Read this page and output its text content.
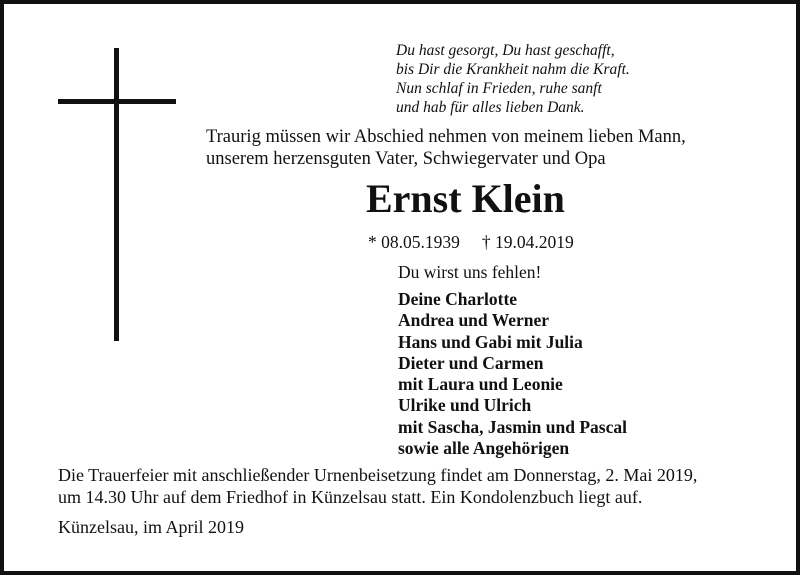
Du hast gesorgt, Du hast geschafft,
bis Dir die Krankheit nahm die Kraft.
Nun schlaf in Frieden, ruhe sanft
und hab für alles lieben Dank.
Traurig müssen wir Abschied nehmen von meinem lieben Mann,
unserem herzensguten Vater, Schwiegervater und Opa
Ernst Klein
* 08.05.1939 † 19.04.2019
Du wirst uns fehlen!
Deine Charlotte
Andrea und Werner
Hans und Gabi mit Julia
Dieter und Carmen
mit Laura und Leonie
Ulrike und Ulrich
mit Sascha, Jasmin und Pascal
sowie alle Angehörigen
Die Trauerfeier mit anschließender Urnenbeisetzung findet am Donnerstag, 2. Mai 2019,
um 14.30 Uhr auf dem Friedhof in Künzelsau statt. Ein Kondolenzbuch liegt auf.
Künzelsau, im April 2019
